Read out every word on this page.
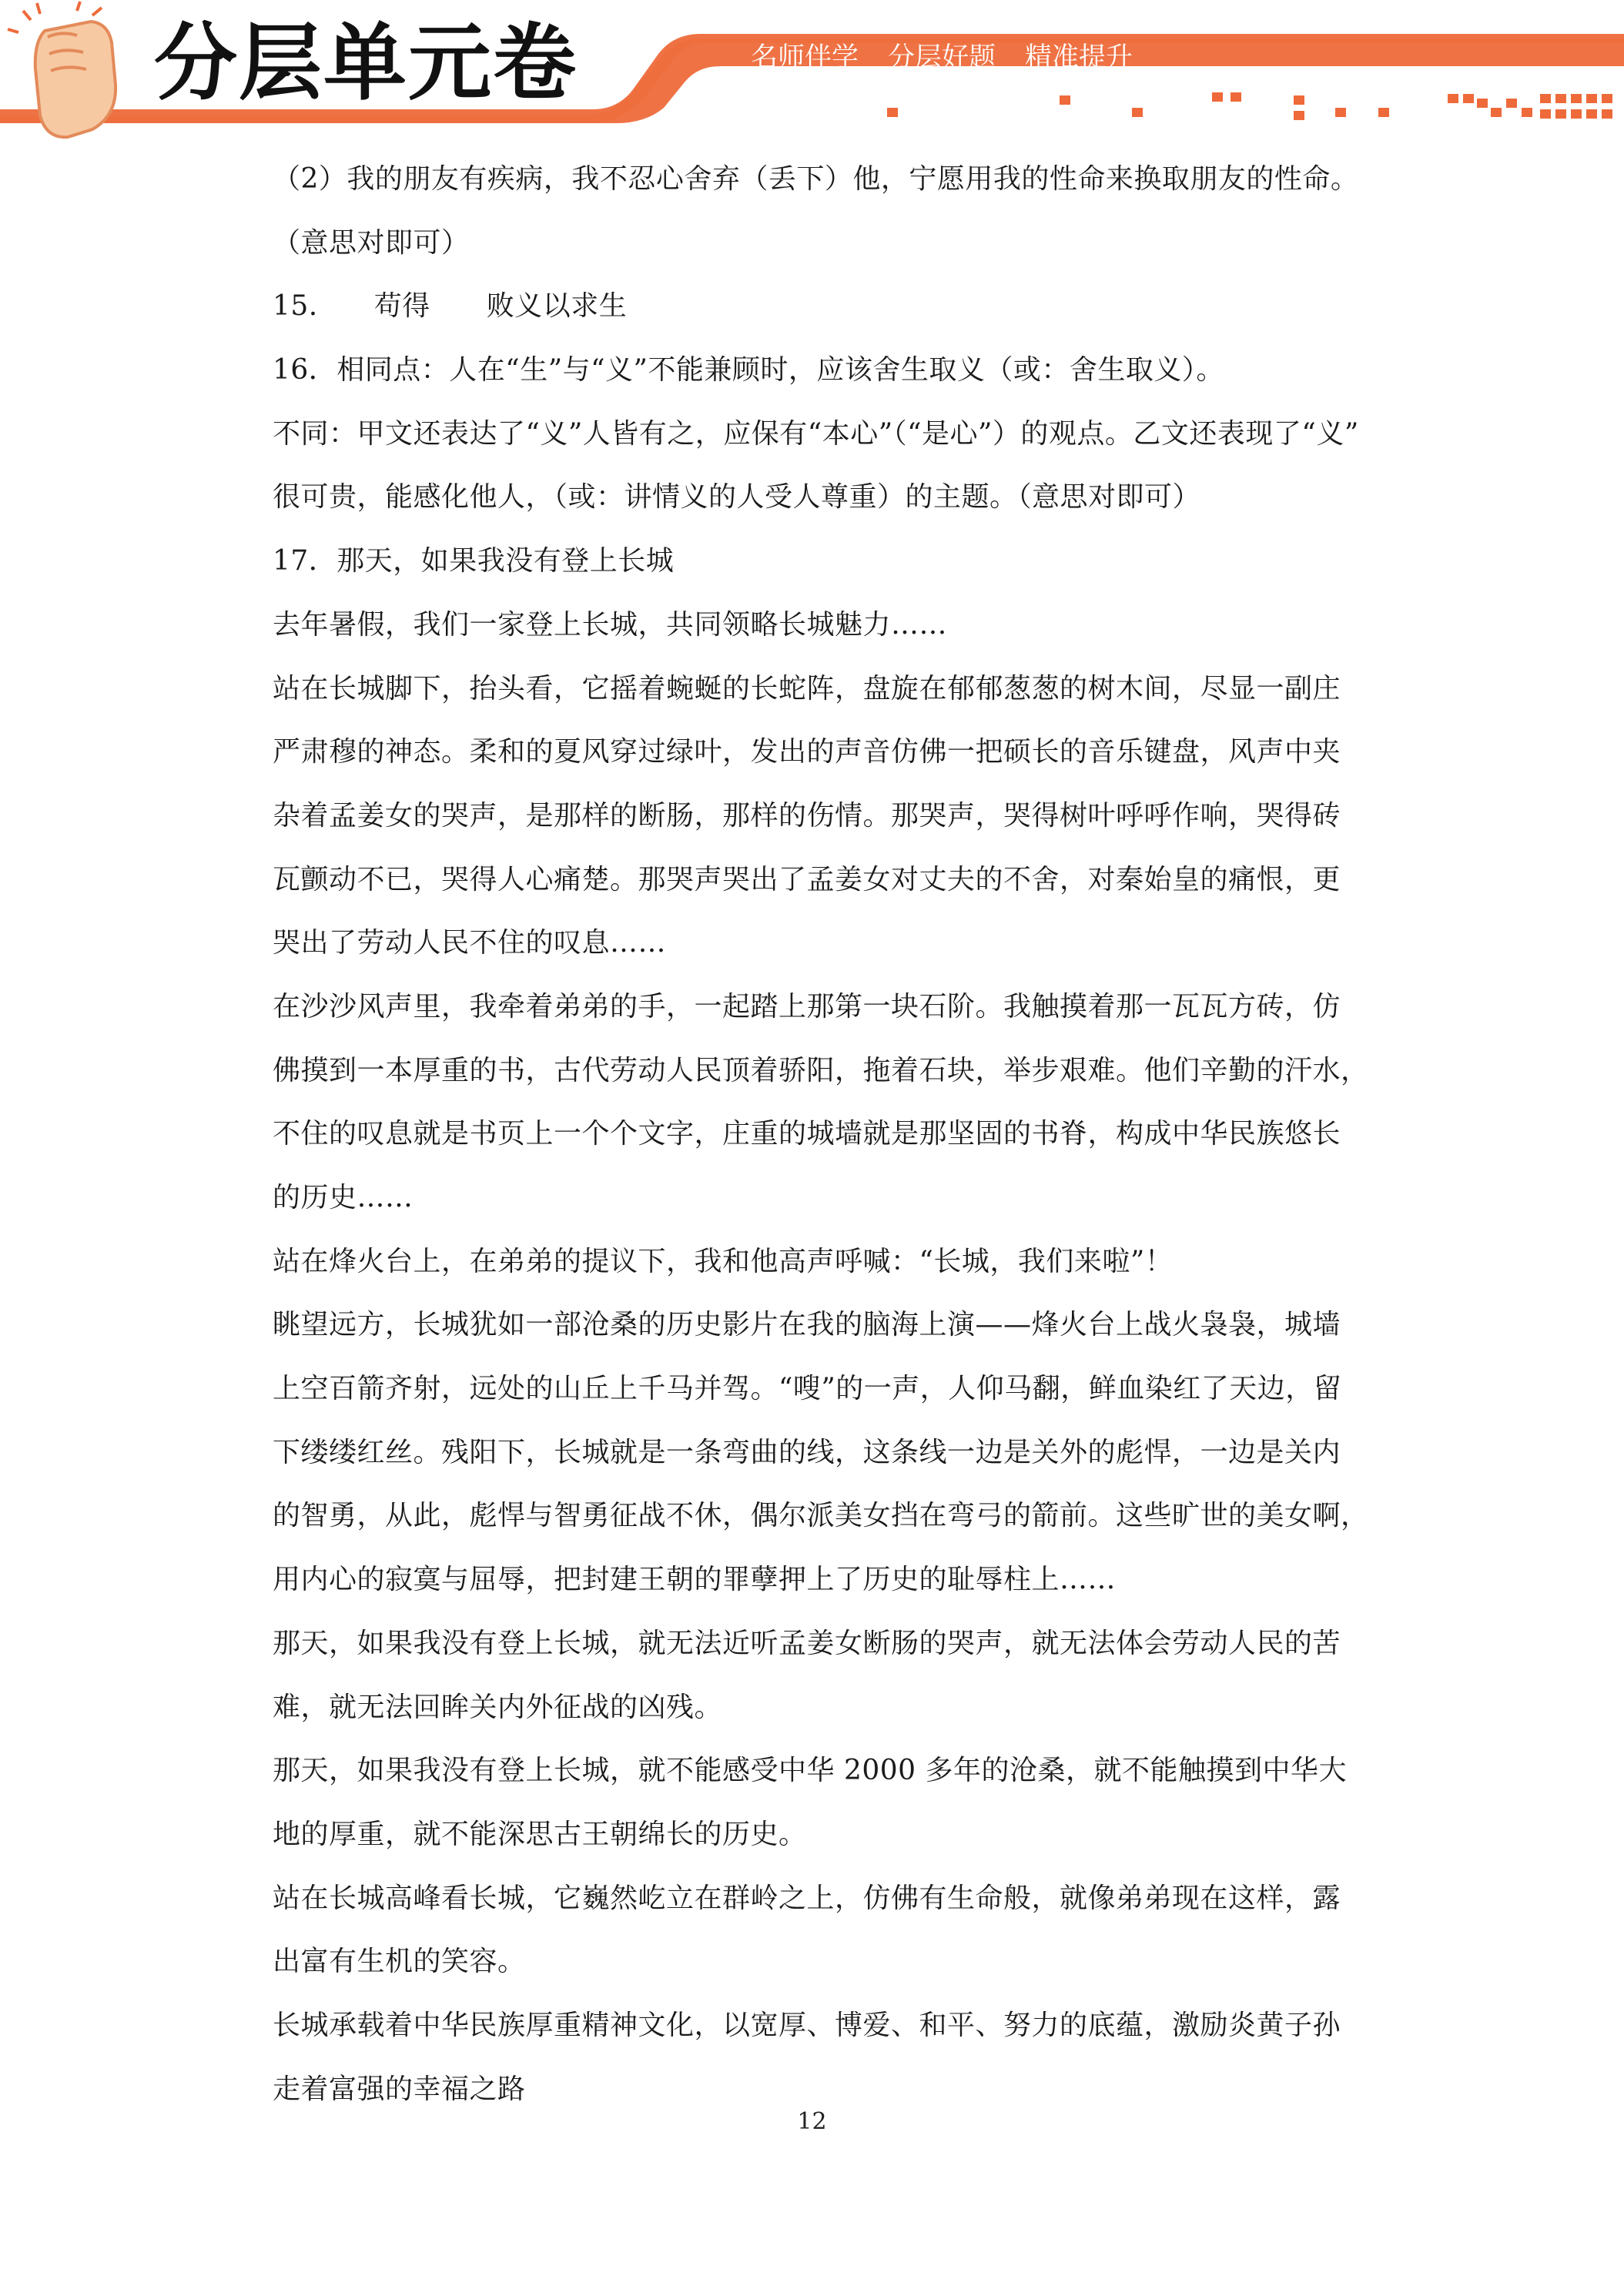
分层单元卷	名师伴学 分层好题 精准提升
（2）我的朋友有疾病，我不忍心舍弃（丢下）他，宁愿用我的性命来换取朋友的性命。
（意思对即可）
15.　　苟得　　败义以求生
16．相同点：人在“生”与“义”不能兼顾时，应该舍生取义（或：舍生取义）。
不同：甲文还表达了“义”人皆有之，应保有“本心”（“是心”）的观点。乙文还表现了“义”
很可贵，能感化他人，（或：讲情义的人受人尊重）的主题。（意思对即可）
17．那天，如果我没有登上长城
去年暑假，我们一家登上长城，共同领略长城魅力……
站在长城脚下，抬头看，它摇着蜿蜒的长蛇阵，盘旋在郁郁葱葱的树木间，尽显一副庄
严肃穆的神态。柔和的夏风穿过绿叶，发出的声音仿佛一把硕长的音乐键盘，风声中夹
杂着孟姜女的哭声，是那样的断肠，那样的伤情。那哭声，哭得树叶呼呼作响，哭得砖
瓦颤动不已，哭得人心痛楚。那哭声哭出了孟姜女对丈夫的不舍，对秦始皇的痛恨，更
哭出了劳动人民不住的叹息……
在沙沙风声里，我牵着弟弟的手，一起踏上那第一块石阶。我触摸着那一瓦瓦方砖，仿
佛摸到一本厚重的书，古代劳动人民顶着骄阳，拖着石块，举步艰难。他们辛勤的汗水，
不住的叹息就是书页上一个个文字，庄重的城墙就是那坚固的书脊，构成中华民族悠长
的历史……
站在烽火台上，在弟弟的提议下，我和他高声呼喊：“长城，我们来啦”！
眺望远方，长城犹如一部沧桑的历史影片在我的脑海上演——烽火台上战火袅袅，城墙
上空百箭齐射，远处的山丘上千马并驾。“嗖”的一声，人仰马翻，鲜血染红了天边，留
下缕缕红丝。残阳下，长城就是一条弯曲的线，这条线一边是关外的彪悍，一边是关内
的智勇，从此，彪悍与智勇征战不休，偶尔派美女挡在弯弓的箭前。这些旷世的美女啊，
用内心的寂寞与屈辱，把封建王朝的罪孽押上了历史的耻辱柱上……
那天，如果我没有登上长城，就无法近听孟姜女断肠的哭声，就无法体会劳动人民的苦
难，就无法回眸关内外征战的凶残。
那天，如果我没有登上长城，就不能感受中华 2000 多年的沧桑，就不能触摸到中华大
地的厚重，就不能深思古王朝绵长的历史。
站在长城高峰看长城，它巍然屹立在群岭之上，仿佛有生命般，就像弟弟现在这样，露
出富有生机的笑容。
长城承载着中华民族厚重精神文化，以宽厚、博爱、和平、努力的底蕴，激励炎黄子孙
走着富强的幸福之路
12
